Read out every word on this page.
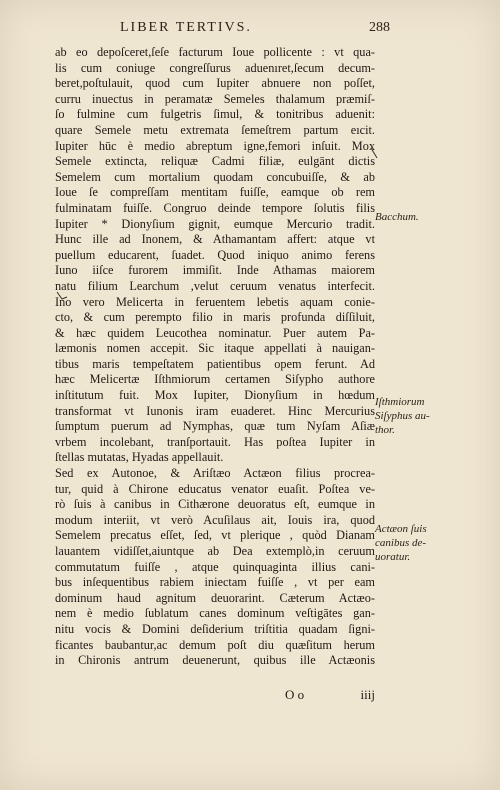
LIBER TERTIVS.	288
ab eo depoſceret,ſeſe facturum Ioue pollicente : vt qua-
lis cum coniuge congreſſurus aduenıret,ſecum decum-
beret,poſtulauit, quod cum Iupiter abnuere non poſſet,
curru inuectus in peramatæ Semeles thalamum præmiſ-
ſo fulmine cum fulgetris ſimul, & tonitribus aduenit:
quare Semele metu extremata ſemeſtrem partum eıcit.
Iupiter hūc è medio abreptum igne,femori inſuit. Mox
Semele extincta, reliquæ Cadmi filiæ, eulgānt dictis
Semelem cum mortalium quodam concubuiſſe, & ab
Ioue ſe compreſſam mentitam fuiſſe, eamque ob rem
fulminatam fuiſſe. Congruo deinde tempore ſolutis filis
Iupiter * Dionyſium gignit, eumque Mercurio tradit.
Hunc ille ad Inonem, & Athamantam affert: atque vt
puellum educarent, ſuadet. Quod iniquo animo ferens
Iuno iiſce furorem immiſit. Inde Athamas maiorem
natu filium Learchum ,velut ceruum venatus interfecit.
Ino vero Melicerta in feruentem lebetis aquam conie-
cto, & cum perempto filio in maris profunda diſſiluit,
& hæc quidem Leucothea nominatur. Puer autem Pa-
læmonis nomen accepit. Sic itaque appellati à nauigan-
tibus maris tempeſtatem patientibus opem ferunt. Ad
hæc Melicertæ Iſthmiorum certamen Siſypho authore
inſtitutum fuit. Mox Iupiter, Dionyſium in hœdum
transformat vt Iunonis iram euaderet. Hinc Mercurius
ſumptum puerum ad Nymphas, quæ tum Nyſam Aſiæ
vrbem incolebant, tranſportauit. Has poſtea Iupiter in
ſtellas mutatas, Hyadas appellauit.
Sed ex Autonoe, & Ariſtæo Actæon filius procrea-
tur, quid à Chirone educatus venator euaſit. Poſtea ve-
rò ſuis à canibus in Cithærone deuoratus eſt, eumque in
modum interiit, vt verò Acuſilaus ait, Iouis ira, quod
Semelem precatus eſſet, ſed, vt plerique , quòd Dianam
lauantem vidiſſet,aiuntque ab Dea extemplò,in ceruum
commutatum fuiſſe , atque quinquaginta illius cani-
bus inſequentibus rabiem iniectam fuiſſe , vt per eam
dominum haud agnitum deuorarint. Cæterum Actæo-
nem è medio ſublatum canes dominum veſtigātes gan-
nitu vocis & Domini deſiderium triſtitia quadam ſigni-
ficantes baubantur,ac demum poſt diu quæſitum herum
in Chironis antrum deuenerunt, quibus ille Actæonis
O o	iiij
Bacchum.
Iſthmiorum
Siſyphus au-
thor.
Actæon ſuis
canibus de-
uoratur.
